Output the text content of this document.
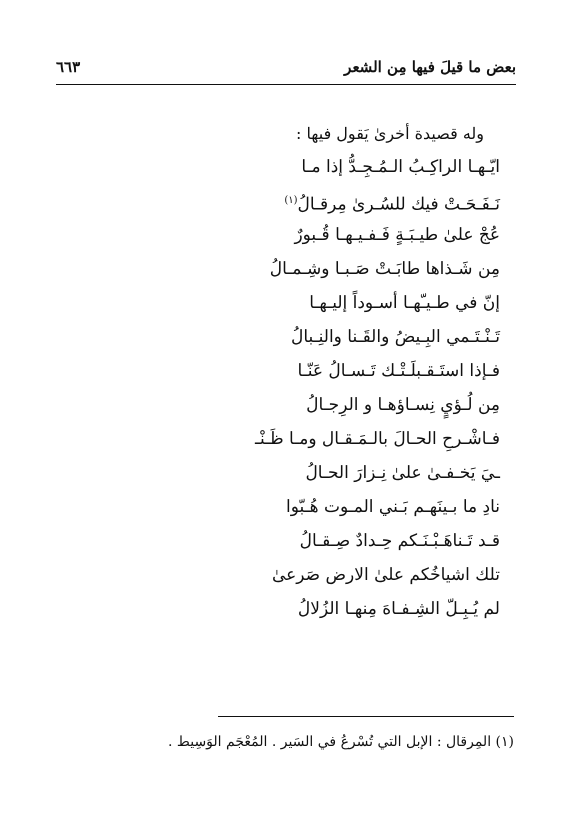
بعض ما قيلَ فيها مِن الشعر
٦٦٣
وله قصيدة أخرىٰ يَقول فيها :
ايّـهـا الراكِـبُ الـمُـجِـدُّ إذا مـا
نَـفَـحَـتْ فيك للسُـرىٰ مِرقـالُ$^{(١)}$
عُجْ علىٰ طيـبَـةٍ فَـفـيـهـا قُـبورٌ
مِن شَـذاها طابَـتْ صَـبـا وشِـمـالُ
إنّ في طـيـّهـا أسـوداً إليـهـا
تَـنْـتَـمي البِـيضُ والقَـنا والنِـبالُ
فـإذا استَـقـبلَـتْـك تَـسـالُ عَنّـا
مِن لُـؤيٍ نِسـاؤهـا و الرِجـالُ
فـاشْـرحِ الحـالَ بالـمَـقـال ومـا ظَـنْـ
ـيَ يَخـفـىٰ علىٰ نِـزارَ الحـالُ
نادِ ما بـينَهـم بَـني المـوت هُـبّوا
قـد تَـناهَـبْـنَـكم حِـدادٌ صِـقـالُ
تلك اشياخُكم علىٰ الارض صَرعىٰ
لم يُـبِـلّ الشِـفـاهَ مِنهـا الزُلالُ
(١) المِرقال : الإبل التي تُسْرعُ في السَير . المُعْجَم الوَسِيط .
